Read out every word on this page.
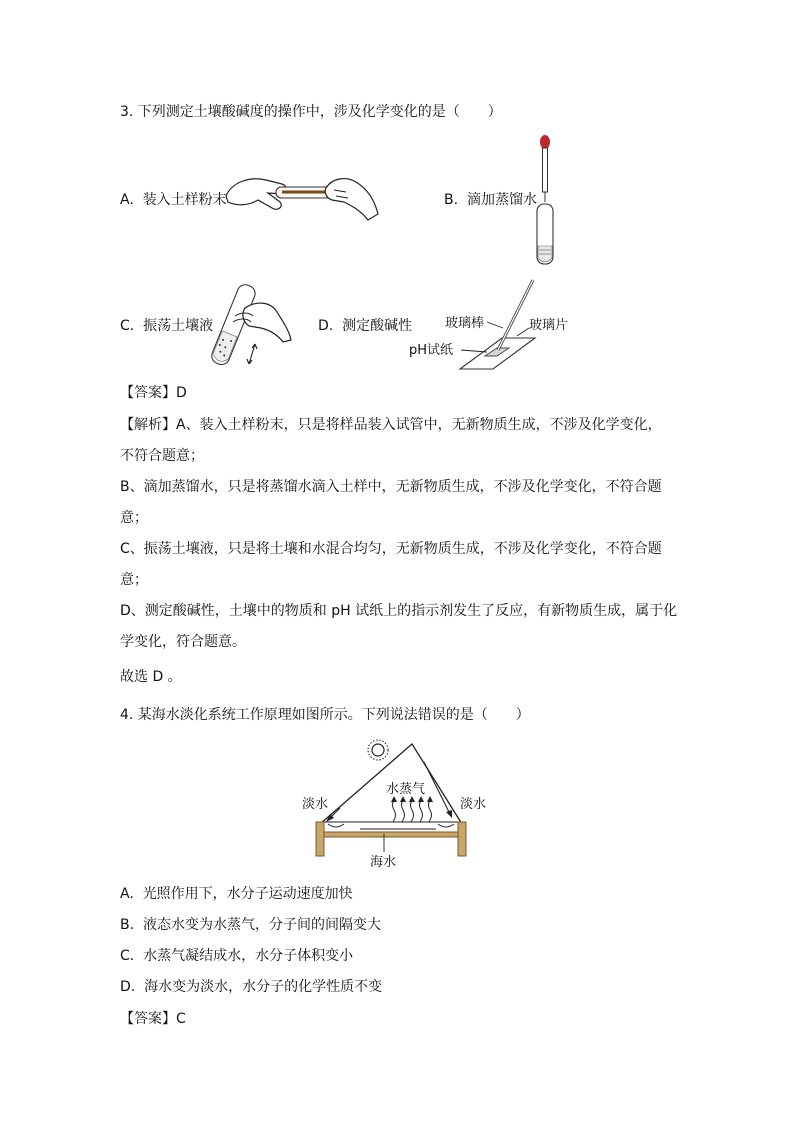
3. 下列测定土壤酸碱度的操作中，涉及化学变化的是（　　）
A. 装入土样粉末	B. 滴加蒸馏水
C. 振荡土壤液	D. 测定酸碱性	玻璃棒	玻璃片
pH试纸
【答案】D
【解析】A、装入土样粉末，只是将样品装入试管中，无新物质生成，不涉及化学变化，
不符合题意；
B、滴加蒸馏水，只是将蒸馏水滴入土样中，无新物质生成，不涉及化学变化，不符合题
意；
C、振荡土壤液，只是将土壤和水混合均匀，无新物质生成，不涉及化学变化，不符合题
意；
D、测定酸碱性，土壤中的物质和 pH 试纸上的指示剂发生了反应，有新物质生成，属于化
学变化，符合题意。
故选 D 。
4. 某海水淡化系统工作原理如图所示。下列说法错误的是（　　）
淡水
水蒸气
淡水
海水
A. 光照作用下，水分子运动速度加快
B. 液态水变为水蒸气，分子间的间隔变大
C. 水蒸气凝结成水，水分子体积变小
D. 海水变为淡水，水分子的化学性质不变
【答案】C
